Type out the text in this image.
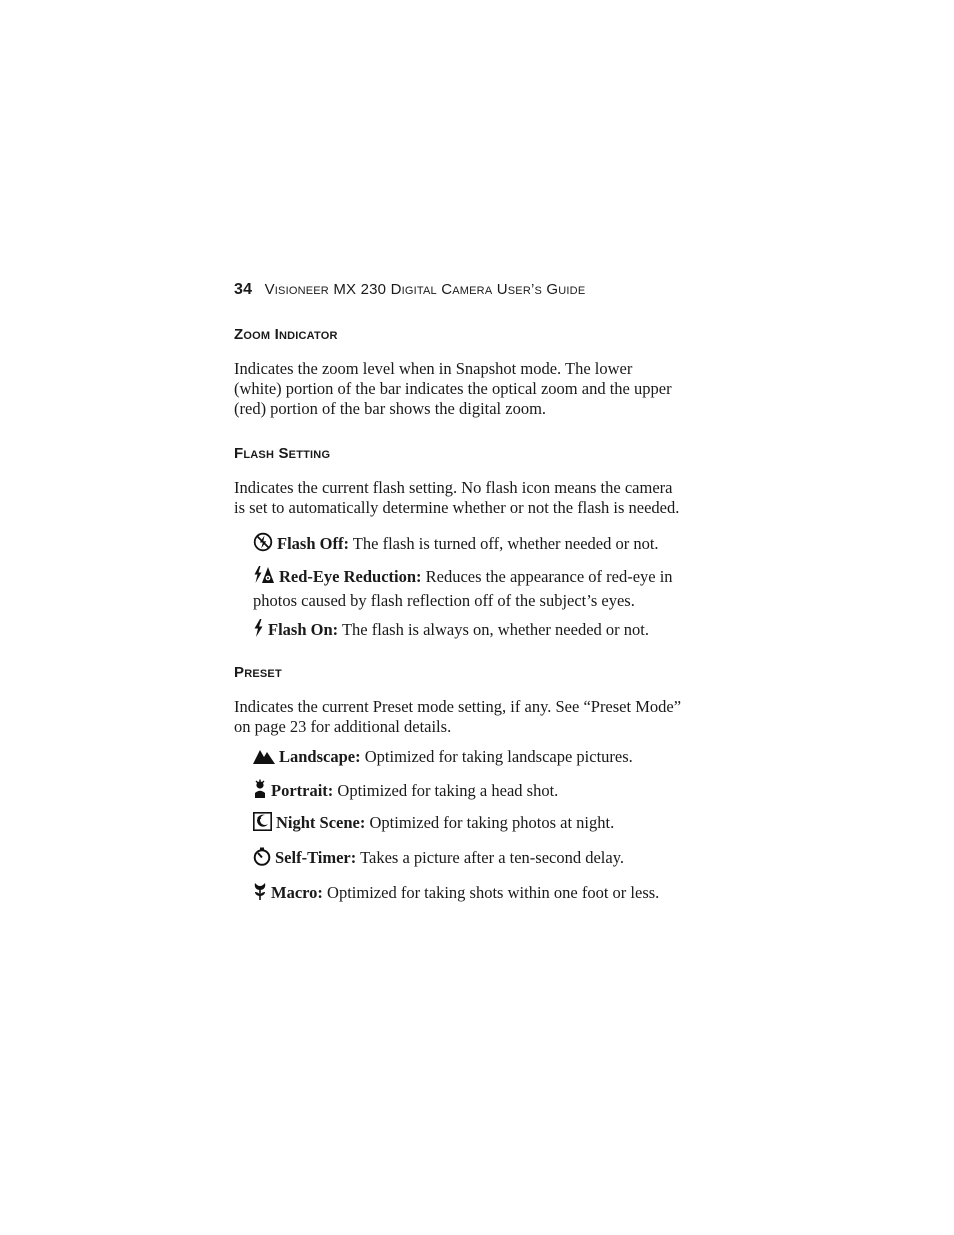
34 Visioneer MX 230 Digital Camera User’s Guide
Zoom Indicator

Indicates the zoom level when in Snapshot mode. The lower (white) portion of the bar indicates the optical zoom and the upper (red) portion of the bar shows the digital zoom.

Flash Setting

Indicates the current flash setting. No flash icon means the camera is set to automatically determine whether or not the flash is needed.

Flash Off: The flash is turned off, whether needed or not.

Red-Eye Reduction: Reduces the appearance of red-eye in photos caused by flash reflection off of the subject’s eyes.

Flash On: The flash is always on, whether needed or not.

Preset

Indicates the current Preset mode setting, if any. See “Preset Mode” on page 23 for additional details.

Landscape: Optimized for taking landscape pictures.

Portrait: Optimized for taking a head shot.

Night Scene: Optimized for taking photos at night.

Self-Timer: Takes a picture after a ten-second delay.

Macro: Optimized for taking shots within one foot or less.
